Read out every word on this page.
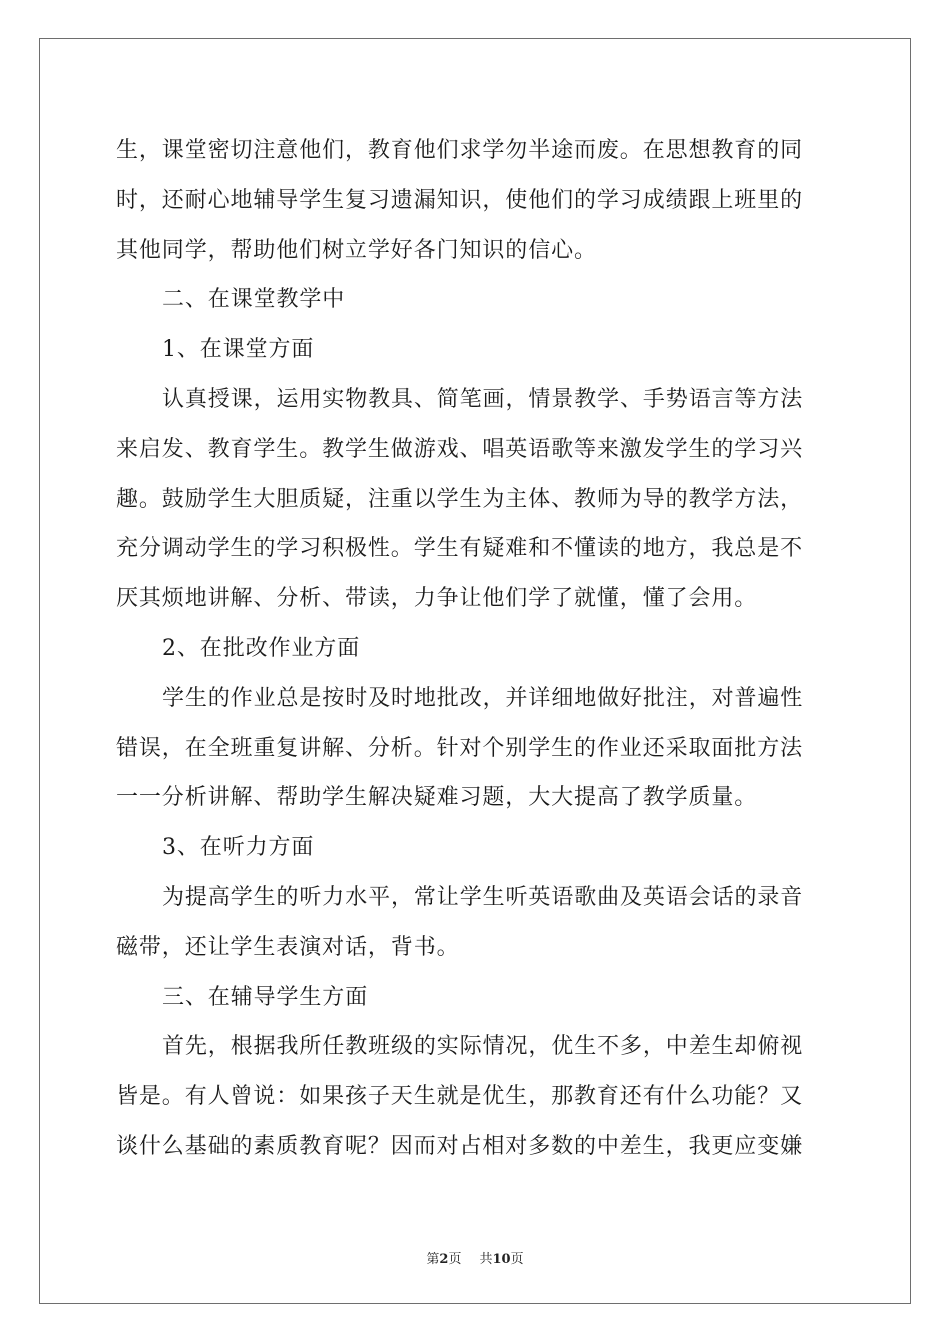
生，课堂密切注意他们，教育他们求学勿半途而废。在思想教育的同
时，还耐心地辅导学生复习遗漏知识，使他们的学习成绩跟上班里的
其他同学，帮助他们树立学好各门知识的信心。
二、在课堂教学中
1、在课堂方面
认真授课，运用实物教具、简笔画，情景教学、手势语言等方法
来启发、教育学生。教学生做游戏、唱英语歌等来激发学生的学习兴
趣。鼓励学生大胆质疑，注重以学生为主体、教师为导的教学方法，
充分调动学生的学习积极性。学生有疑难和不懂读的地方，我总是不
厌其烦地讲解、分析、带读，力争让他们学了就懂，懂了会用。
2、在批改作业方面
学生的作业总是按时及时地批改，并详细地做好批注，对普遍性
错误，在全班重复讲解、分析。针对个别学生的作业还采取面批方法
一一分析讲解、帮助学生解决疑难习题，大大提高了教学质量。
3、在听力方面
为提高学生的听力水平，常让学生听英语歌曲及英语会话的录音
磁带，还让学生表演对话，背书。
三、在辅导学生方面
首先，根据我所任教班级的实际情况，优生不多，中差生却俯视
皆是。有人曾说：如果孩子天生就是优生，那教育还有什么功能？又
谈什么基础的素质教育呢？因而对占相对多数的中差生，我更应变嫌
第2页 共10页
